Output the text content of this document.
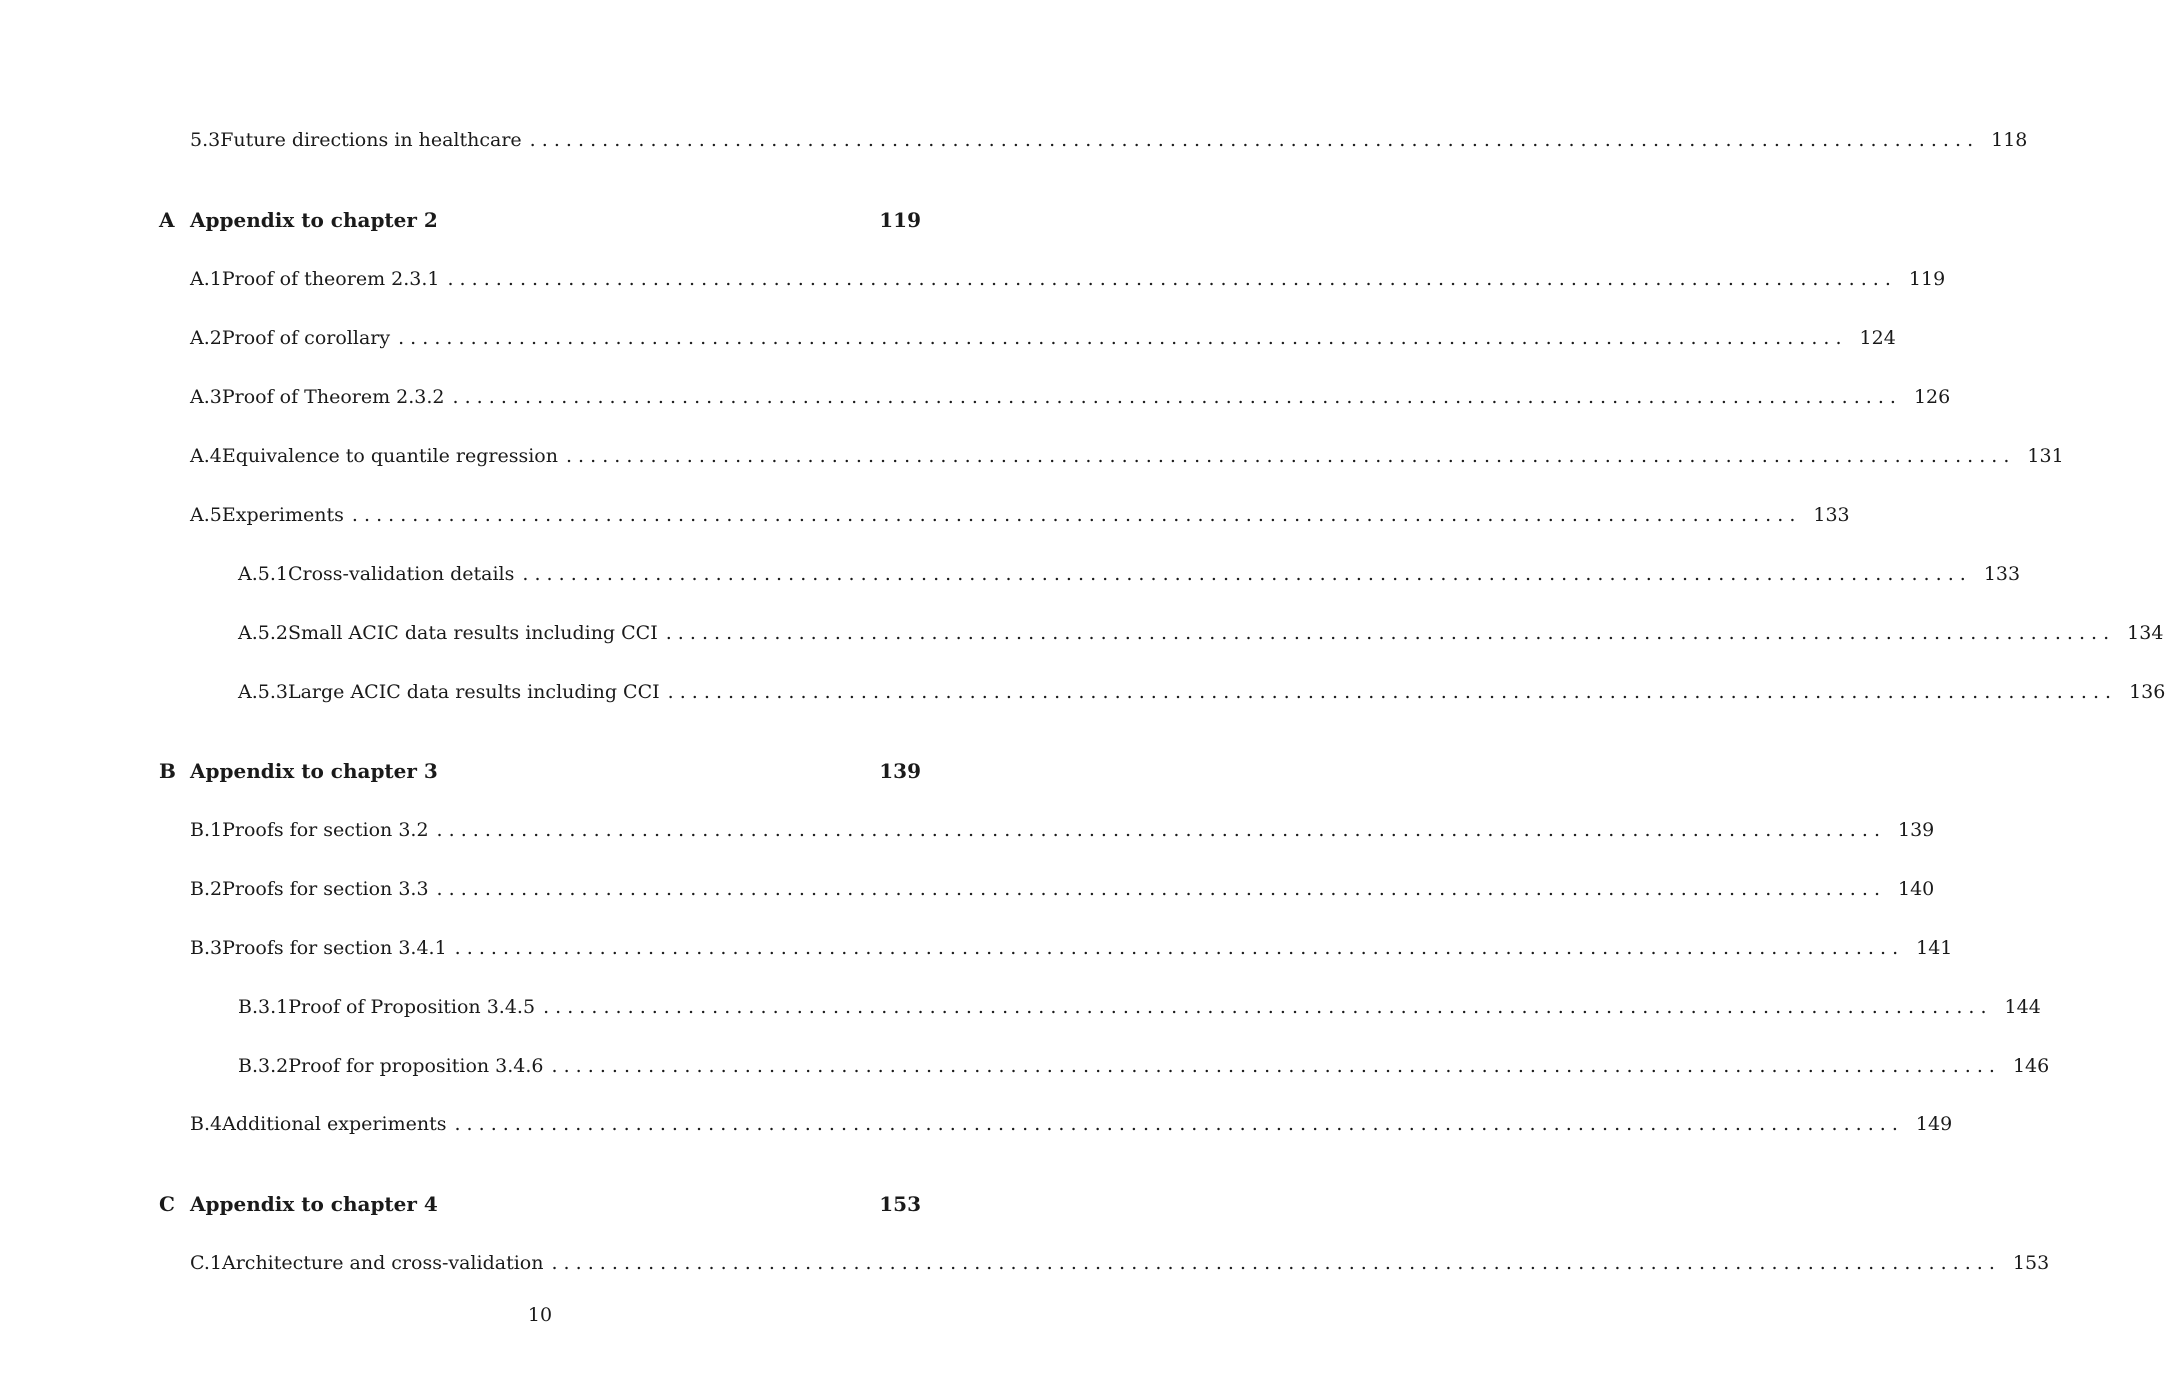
5.3 Future directions in healthcare . . . . . . . . . . . . . . . . . . . . . . . . . . . . . . . . . . . . . . . . . . . . . . . . . . . . . . . . . . . . . . . . . . . . . . . . . . . . . . . . . . . . . . . . . . . . . . . . . . . . . . . . . . . . . . . . . . . . . . . . 118
A Appendix to chapter 2	119
A.1 Proof of theorem 2.3.1 . . . . . . . . . . . . . . . . . . . . . . . . . . . . . . . . . . . . . . . . . . . . . . . . . . . . . . . . . . . . . . . . . . . . . . . . . . . . . . . . . . . . . . . . . . . . . . . . . . . . . . . . . . . . . . . . . . . . . . . . 119
A.2 Proof of corollary . . . . . . . . . . . . . . . . . . . . . . . . . . . . . . . . . . . . . . . . . . . . . . . . . . . . . . . . . . . . . . . . . . . . . . . . . . . . . . . . . . . . . . . . . . . . . . . . . . . . . . . . . . . . . . . . . . . . . . . . 124
A.3 Proof of Theorem 2.3.2 . . . . . . . . . . . . . . . . . . . . . . . . . . . . . . . . . . . . . . . . . . . . . . . . . . . . . . . . . . . . . . . . . . . . . . . . . . . . . . . . . . . . . . . . . . . . . . . . . . . . . . . . . . . . . . . . . . . . . . . . 126
A.4 Equivalence to quantile regression . . . . . . . . . . . . . . . . . . . . . . . . . . . . . . . . . . . . . . . . . . . . . . . . . . . . . . . . . . . . . . . . . . . . . . . . . . . . . . . . . . . . . . . . . . . . . . . . . . . . . . . . . . . . . . . . . . . . . . . . 131
A.5 Experiments . . . . . . . . . . . . . . . . . . . . . . . . . . . . . . . . . . . . . . . . . . . . . . . . . . . . . . . . . . . . . . . . . . . . . . . . . . . . . . . . . . . . . . . . . . . . . . . . . . . . . . . . . . . . . . . . . . . . . . . . 133
A.5.1 Cross-validation details . . . . . . . . . . . . . . . . . . . . . . . . . . . . . . . . . . . . . . . . . . . . . . . . . . . . . . . . . . . . . . . . . . . . . . . . . . . . . . . . . . . . . . . . . . . . . . . . . . . . . . . . . . . . . . . . . . . . . . . . 133
A.5.2 Small ACIC data results including CCI . . . . . . . . . . . . . . . . . . . . . . . . . . . . . . . . . . . . . . . . . . . . . . . . . . . . . . . . . . . . . . . . . . . . . . . . . . . . . . . . . . . . . . . . . . . . . . . . . . . . . . . . . . . . . . . . . . . . . . . . 134
A.5.3 Large ACIC data results including CCI . . . . . . . . . . . . . . . . . . . . . . . . . . . . . . . . . . . . . . . . . . . . . . . . . . . . . . . . . . . . . . . . . . . . . . . . . . . . . . . . . . . . . . . . . . . . . . . . . . . . . . . . . . . . . . . . . . . . . . . . 136
B Appendix to chapter 3	139
B.1 Proofs for section 3.2 . . . . . . . . . . . . . . . . . . . . . . . . . . . . . . . . . . . . . . . . . . . . . . . . . . . . . . . . . . . . . . . . . . . . . . . . . . . . . . . . . . . . . . . . . . . . . . . . . . . . . . . . . . . . . . . . . . . . . . . . 139
B.2 Proofs for section 3.3 . . . . . . . . . . . . . . . . . . . . . . . . . . . . . . . . . . . . . . . . . . . . . . . . . . . . . . . . . . . . . . . . . . . . . . . . . . . . . . . . . . . . . . . . . . . . . . . . . . . . . . . . . . . . . . . . . . . . . . . . 140
B.3 Proofs for section 3.4.1 . . . . . . . . . . . . . . . . . . . . . . . . . . . . . . . . . . . . . . . . . . . . . . . . . . . . . . . . . . . . . . . . . . . . . . . . . . . . . . . . . . . . . . . . . . . . . . . . . . . . . . . . . . . . . . . . . . . . . . . . 141
B.3.1 Proof of Proposition 3.4.5 . . . . . . . . . . . . . . . . . . . . . . . . . . . . . . . . . . . . . . . . . . . . . . . . . . . . . . . . . . . . . . . . . . . . . . . . . . . . . . . . . . . . . . . . . . . . . . . . . . . . . . . . . . . . . . . . . . . . . . . . 144
B.3.2 Proof for proposition 3.4.6 . . . . . . . . . . . . . . . . . . . . . . . . . . . . . . . . . . . . . . . . . . . . . . . . . . . . . . . . . . . . . . . . . . . . . . . . . . . . . . . . . . . . . . . . . . . . . . . . . . . . . . . . . . . . . . . . . . . . . . . . 146
B.4 Additional experiments . . . . . . . . . . . . . . . . . . . . . . . . . . . . . . . . . . . . . . . . . . . . . . . . . . . . . . . . . . . . . . . . . . . . . . . . . . . . . . . . . . . . . . . . . . . . . . . . . . . . . . . . . . . . . . . . . . . . . . . . 149
C Appendix to chapter 4	153
C.1 Architecture and cross-validation . . . . . . . . . . . . . . . . . . . . . . . . . . . . . . . . . . . . . . . . . . . . . . . . . . . . . . . . . . . . . . . . . . . . . . . . . . . . . . . . . . . . . . . . . . . . . . . . . . . . . . . . . . . . . . . . . . . . . . . . 153
10
